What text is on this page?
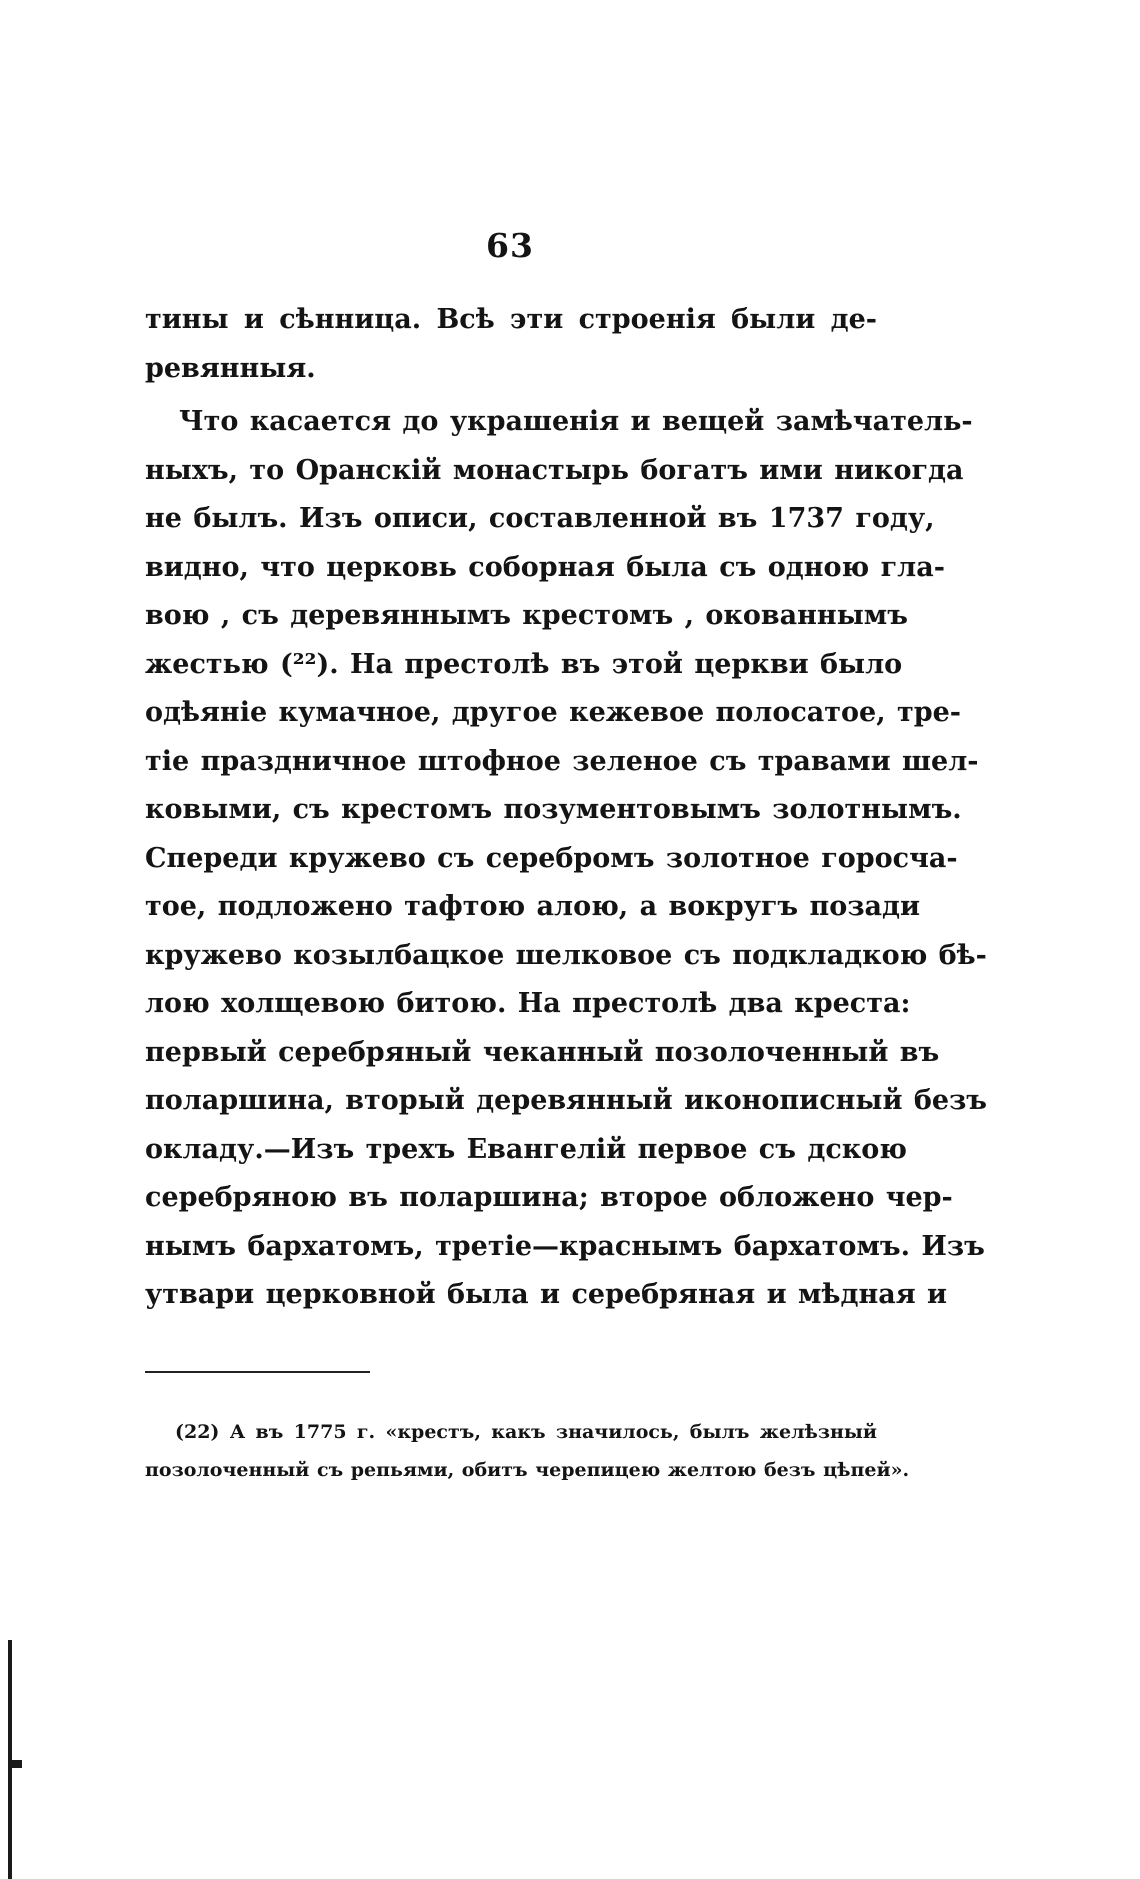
63
тины и сѣнница. Всѣ эти строенія были де-
ревянныя.
Что касается до украшенія и вещей замѣчатель-
ныхъ, то Оранскій монастырь богатъ ими никогда
не былъ. Изъ описи, составленной въ 1737 году,
видно, что церковь соборная была съ одною гла-
вою , съ деревяннымъ крестомъ , окованнымъ
жестью (²²). На престолѣ въ этой церкви было
одѣяніе кумачное, другое кежевое полосатое, тре-
тіе праздничное штофное зеленое съ травами шел-
ковыми, съ крестомъ позументовымъ золотнымъ.
Спереди кружево съ серебромъ золотное горосча-
тое, подложено тафтою алою, а вокругъ позади
кружево козылбацкое шелковое съ подкладкою бѣ-
лою холщевою битою. На престолѣ два креста:
первый серебряный чеканный позолоченный въ
поларшина, вторый деревянный иконописный безъ
окладу.—Изъ трехъ Евангелій первое съ дскою
серебряною въ поларшина; второе обложено чер-
нымъ бархатомъ, третіе—краснымъ бархатомъ. Изъ
утвари церковной была и серебряная и мѣдная и
(22) А въ 1775 г. «крестъ, какъ значилось, былъ желѣзный
позолоченный съ репьями, обитъ черепицею желтою безъ цѣпей».
